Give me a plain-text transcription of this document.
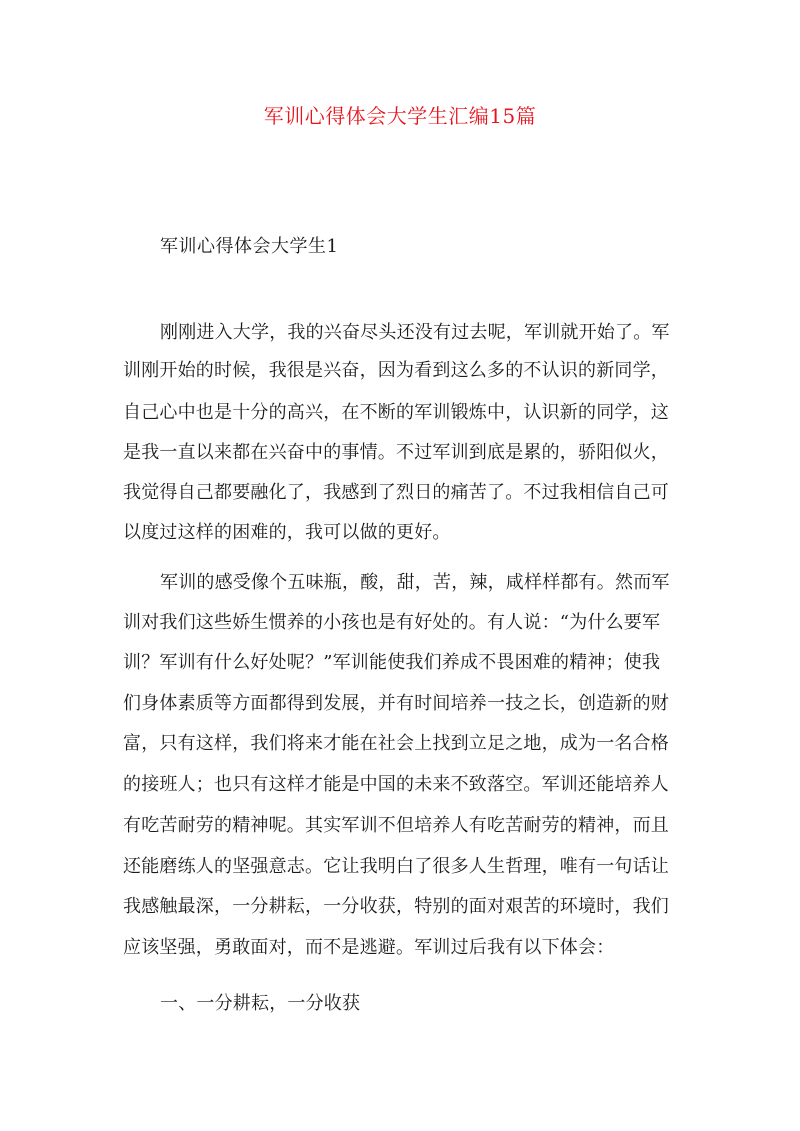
军训心得体会大学生汇编15篇
军训心得体会大学生1
刚刚进入大学，我的兴奋尽头还没有过去呢，军训就开始了。军
训刚开始的时候，我很是兴奋，因为看到这么多的不认识的新同学，
自己心中也是十分的高兴，在不断的军训锻炼中，认识新的同学，这
是我一直以来都在兴奋中的事情。不过军训到底是累的，骄阳似火，
我觉得自己都要融化了，我感到了烈日的痛苦了。不过我相信自己可
以度过这样的困难的，我可以做的更好。
军训的感受像个五味瓶，酸，甜，苦，辣，咸样样都有。然而军
训对我们这些娇生惯养的小孩也是有好处的。有人说：“为什么要军
训？军训有什么好处呢？”军训能使我们养成不畏困难的精神；使我
们身体素质等方面都得到发展，并有时间培养一技之长，创造新的财
富，只有这样，我们将来才能在社会上找到立足之地，成为一名合格
的接班人；也只有这样才能是中国的未来不致落空。军训还能培养人
有吃苦耐劳的精神呢。其实军训不但培养人有吃苦耐劳的精神，而且
还能磨练人的坚强意志。它让我明白了很多人生哲理，唯有一句话让
我感触最深，一分耕耘，一分收获，特别的面对艰苦的环境时，我们
应该坚强，勇敢面对，而不是逃避。军训过后我有以下体会：
一、一分耕耘，一分收获
